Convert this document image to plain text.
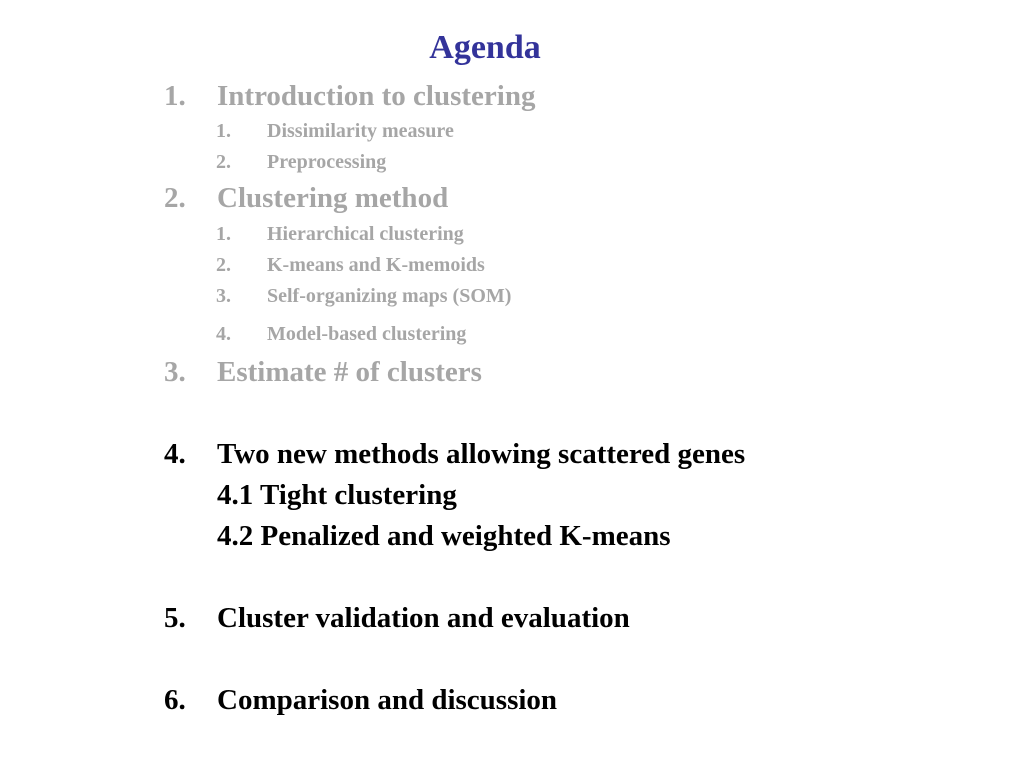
Agenda
1. Introduction to clustering
1. Dissimilarity measure
2. Preprocessing
2. Clustering method
1. Hierarchical clustering
2. K-means and K-memoids
3. Self-organizing maps (SOM)
4. Model-based clustering
3. Estimate # of clusters
4. Two new methods allowing scattered genes
4.1 Tight clustering
4.2 Penalized and weighted K-means
5. Cluster validation and evaluation
6. Comparison and discussion
